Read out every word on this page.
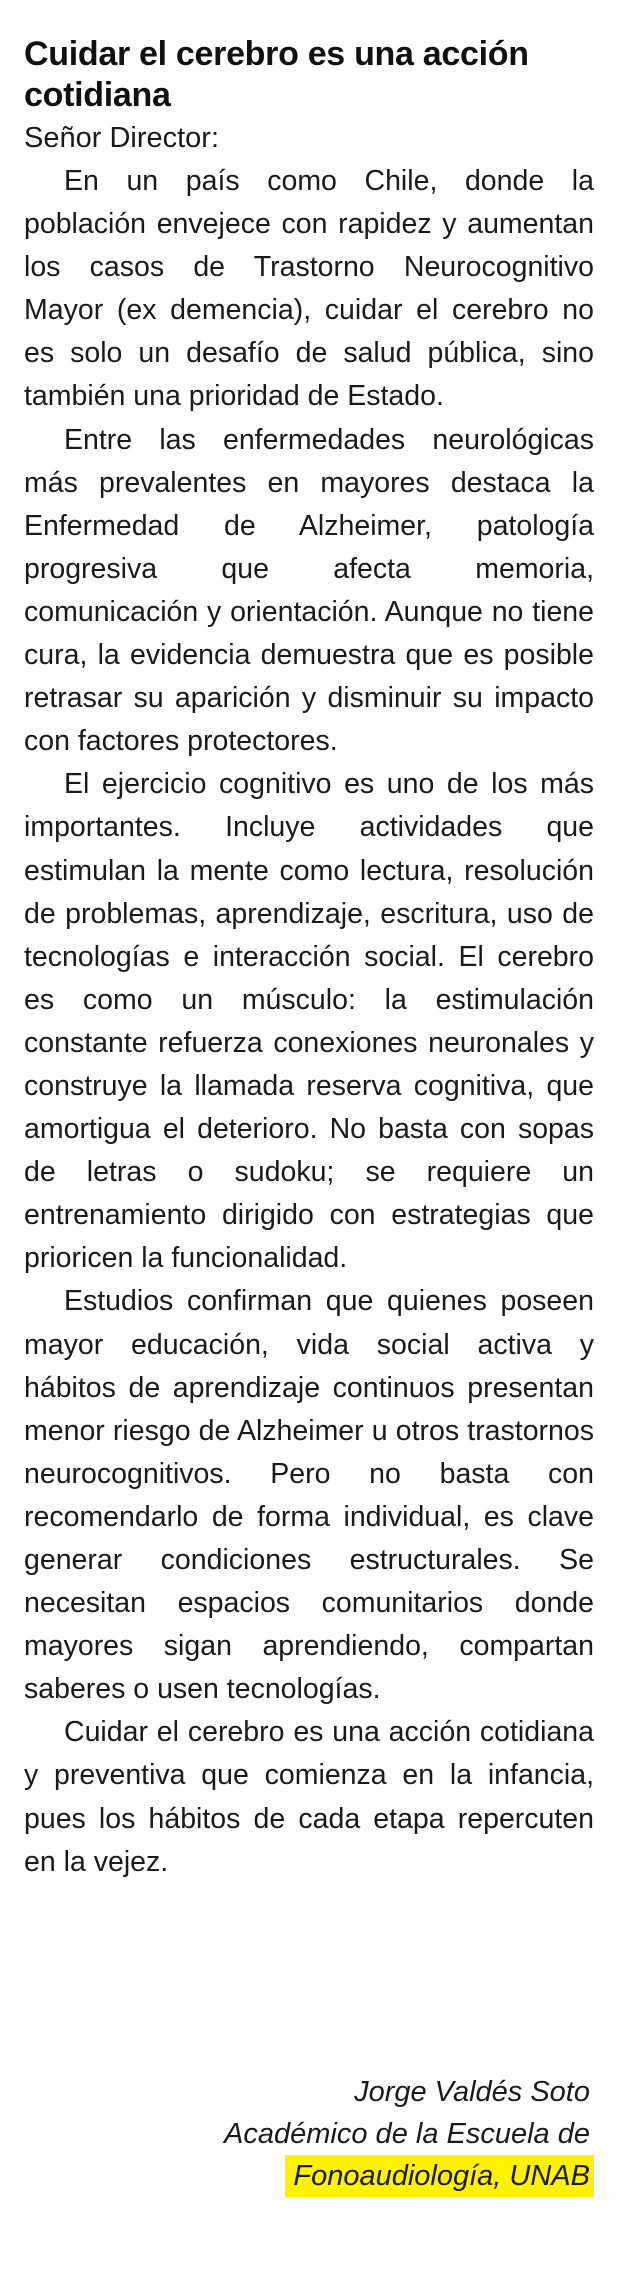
Cuidar el cerebro es una acción cotidiana
Señor Director:

En un país como Chile, donde la población envejece con rapidez y aumentan los casos de Trastorno Neurocognitivo Mayor (ex demencia), cuidar el cerebro no es solo un desafío de salud pública, sino también una prioridad de Estado.

Entre las enfermedades neurológicas más prevalentes en mayores destaca la Enfermedad de Alzheimer, patología progresiva que afecta memoria, comunicación y orientación. Aunque no tiene cura, la evidencia demuestra que es posible retrasar su aparición y disminuir su impacto con factores protectores.

El ejercicio cognitivo es uno de los más importantes. Incluye actividades que estimulan la mente como lectura, resolución de problemas, aprendizaje, escritura, uso de tecnologías e interacción social. El cerebro es como un músculo: la estimulación constante refuerza conexiones neuronales y construye la llamada reserva cognitiva, que amortigua el deterioro. No basta con sopas de letras o sudoku; se requiere un entrenamiento dirigido con estrategias que prioricen la funcionalidad.

Estudios confirman que quienes poseen mayor educación, vida social activa y hábitos de aprendizaje continuos presentan menor riesgo de Alzheimer u otros trastornos neurocognitivos. Pero no basta con recomendarlo de forma individual, es clave generar condiciones estructurales. Se necesitan espacios comunitarios donde mayores sigan aprendiendo, compartan saberes o usen tecnologías.

Cuidar el cerebro es una acción cotidiana y preventiva que comienza en la infancia, pues los hábitos de cada etapa repercuten en la vejez.

Jorge Valdés Soto
Académico de la Escuela de
Fonoaudiología, UNAB
